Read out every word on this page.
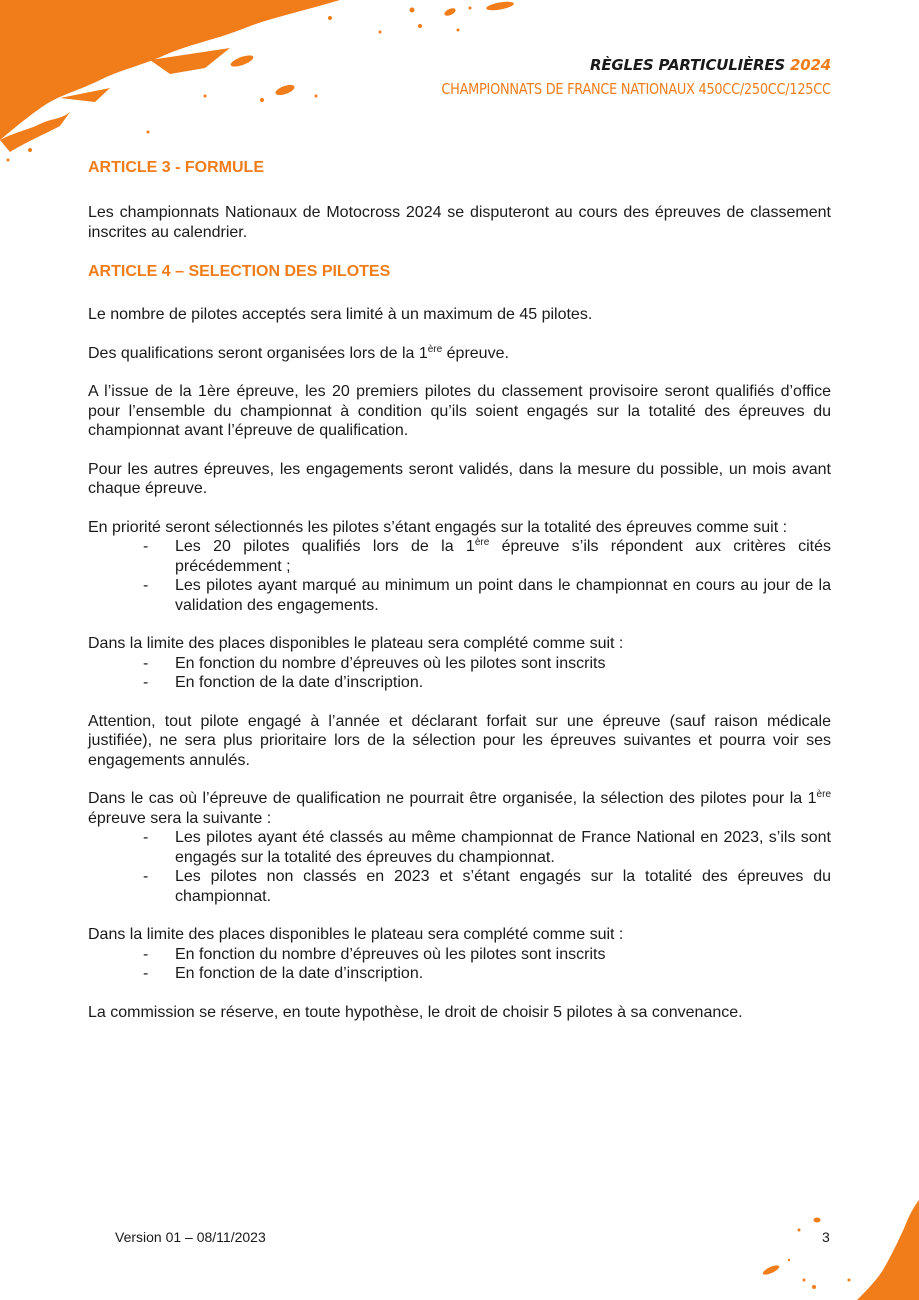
RÈGLES PARTICULIÈRES 2024
CHAMPIONNATS DE FRANCE NATIONAUX 450CC/250CC/125CC
ARTICLE 3 - FORMULE

Les championnats Nationaux de Motocross 2024 se disputeront au cours des épreuves de classement inscrites au calendrier.

ARTICLE 4 – SELECTION DES PILOTES

Le nombre de pilotes acceptés sera limité à un maximum de 45 pilotes.

Des qualifications seront organisées lors de la 1ère épreuve.

A l’issue de la 1ère épreuve, les 20 premiers pilotes du classement provisoire seront qualifiés d’office pour l’ensemble du championnat à condition qu’ils soient engagés sur la totalité des épreuves du championnat avant l’épreuve de qualification.

Pour les autres épreuves, les engagements seront validés, dans la mesure du possible, un mois avant chaque épreuve.

En priorité seront sélectionnés les pilotes s’étant engagés sur la totalité des épreuves comme suit :

- Les 20 pilotes qualifiés lors de la 1ère épreuve s’ils répondent aux critères cités précédemment ;
- Les pilotes ayant marqué au minimum un point dans le championnat en cours au jour de la validation des engagements.

Dans la limite des places disponibles le plateau sera complété comme suit :

- En fonction du nombre d’épreuves où les pilotes sont inscrits
- En fonction de la date d’inscription.

Attention, tout pilote engagé à l’année et déclarant forfait sur une épreuve (sauf raison médicale justifiée), ne sera plus prioritaire lors de la sélection pour les épreuves suivantes et pourra voir ses engagements annulés.

Dans le cas où l’épreuve de qualification ne pourrait être organisée, la sélection des pilotes pour la 1ère épreuve sera la suivante :

- Les pilotes ayant été classés au même championnat de France National en 2023, s’ils sont engagés sur la totalité des épreuves du championnat.
- Les pilotes non classés en 2023 et s’étant engagés sur la totalité des épreuves du championnat.

Dans la limite des places disponibles le plateau sera complété comme suit :

- En fonction du nombre d’épreuves où les pilotes sont inscrits
- En fonction de la date d’inscription.

La commission se réserve, en toute hypothèse, le droit de choisir 5 pilotes à sa convenance.

Version 01 – 08/11/2023	3
